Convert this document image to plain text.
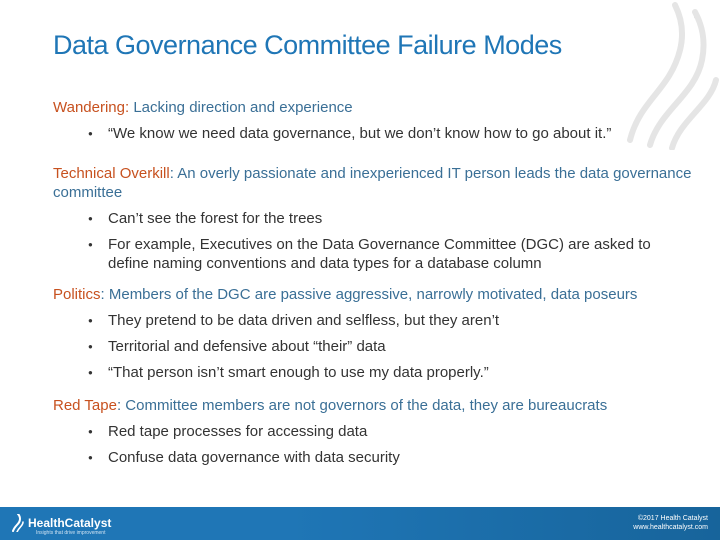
Data Governance Committee Failure Modes
®

Wandering: Lacking direction and experience

● “We know we need data governance, but we don’t know how to go about it.”

Technical Overkill: An overly passionate and inexperienced IT person leads the data governance committee

● Can’t see the forest for the trees
● For example, Executives on the Data Governance Committee (DGC) are asked to define naming conventions and data types for a database column

Politics: Members of the DGC are passive aggressive, narrowly motivated, data poseurs

● They pretend to be data driven and selfless, but they aren’t
● Territorial and defensive about “their” data
● “That person isn’t smart enough to use my data properly.”

Red Tape: Committee members are not governors of the data, they are bureaucrats

● Red tape processes for accessing data
● Confuse data governance with data security
HealthCatalyst
Insights that drive improvement
©2017 Health Catalyst
www.healthcatalyst.com
